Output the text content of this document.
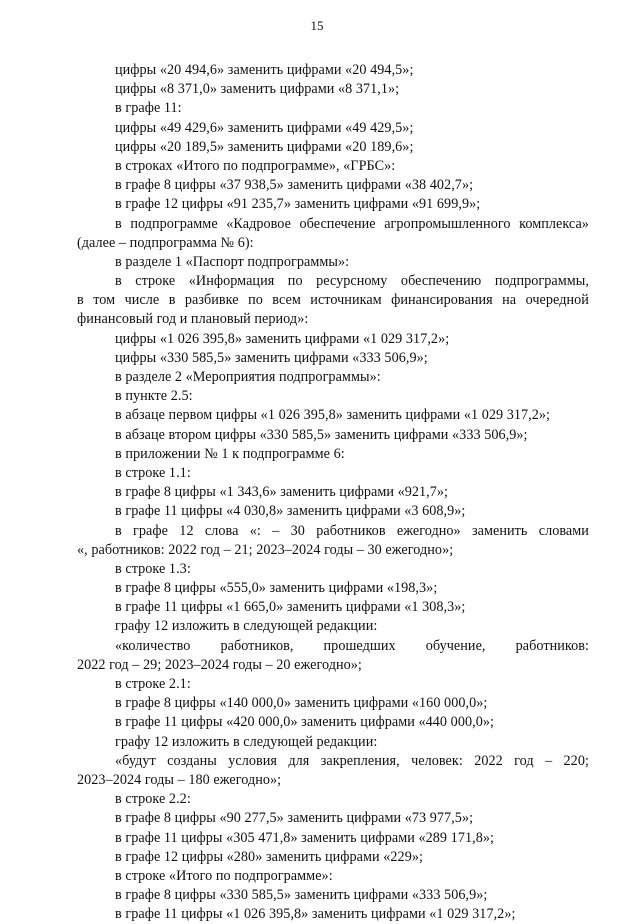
15
цифры «20 494,6» заменить цифрами «20 494,5»;
цифры «8 371,0» заменить цифрами «8 371,1»;
в графе 11:
цифры «49 429,6» заменить цифрами «49 429,5»;
цифры «20 189,5» заменить цифрами «20 189,6»;
в строках «Итого по подпрограмме», «ГРБС»:
в графе 8 цифры «37 938,5» заменить цифрами «38 402,7»;
в графе 12 цифры «91 235,7» заменить цифрами «91 699,9»;
в подпрограмме «Кадровое обеспечение агропромышленного комплекса»
(далее – подпрограмма № 6):
в разделе 1 «Паспорт подпрограммы»:
в строке «Информация по ресурсному обеспечению подпрограммы,
в том числе в разбивке по всем источникам финансирования на очередной
финансовый год и плановый период»:
цифры «1 026 395,8» заменить цифрами «1 029 317,2»;
цифры «330 585,5» заменить цифрами «333 506,9»;
в разделе 2 «Мероприятия подпрограммы»:
в пункте 2.5:
в абзаце первом цифры «1 026 395,8» заменить цифрами «1 029 317,2»;
в абзаце втором цифры «330 585,5» заменить цифрами «333 506,9»;
в приложении № 1 к подпрограмме 6:
в строке 1.1:
в графе 8 цифры «1 343,6» заменить цифрами «921,7»;
в графе 11 цифры «4 030,8» заменить цифрами «3 608,9»;
в графе 12 слова «: – 30 работников ежегодно» заменить словами
«, работников: 2022 год – 21; 2023–2024 годы – 30 ежегодно»;
в строке 1.3:
в графе 8 цифры «555,0» заменить цифрами «198,3»;
в графе 11 цифры «1 665,0» заменить цифрами «1 308,3»;
графу 12 изложить в следующей редакции:
«количество работников, прошедших обучение, работников:
2022 год – 29; 2023–2024 годы – 20 ежегодно»;
в строке 2.1:
в графе 8 цифры «140 000,0» заменить цифрами «160 000,0»;
в графе 11 цифры «420 000,0» заменить цифрами «440 000,0»;
графу 12 изложить в следующей редакции:
«будут созданы условия для закрепления, человек: 2022 год – 220;
2023–2024 годы – 180 ежегодно»;
в строке 2.2:
в графе 8 цифры «90 277,5» заменить цифрами «73 977,5»;
в графе 11 цифры «305 471,8» заменить цифрами «289 171,8»;
в графе 12 цифры «280» заменить цифрами «229»;
в строке «Итого по подпрограмме»:
в графе 8 цифры «330 585,5» заменить цифрами «333 506,9»;
в графе 11 цифры «1 026 395,8» заменить цифрами «1 029 317,2»;
